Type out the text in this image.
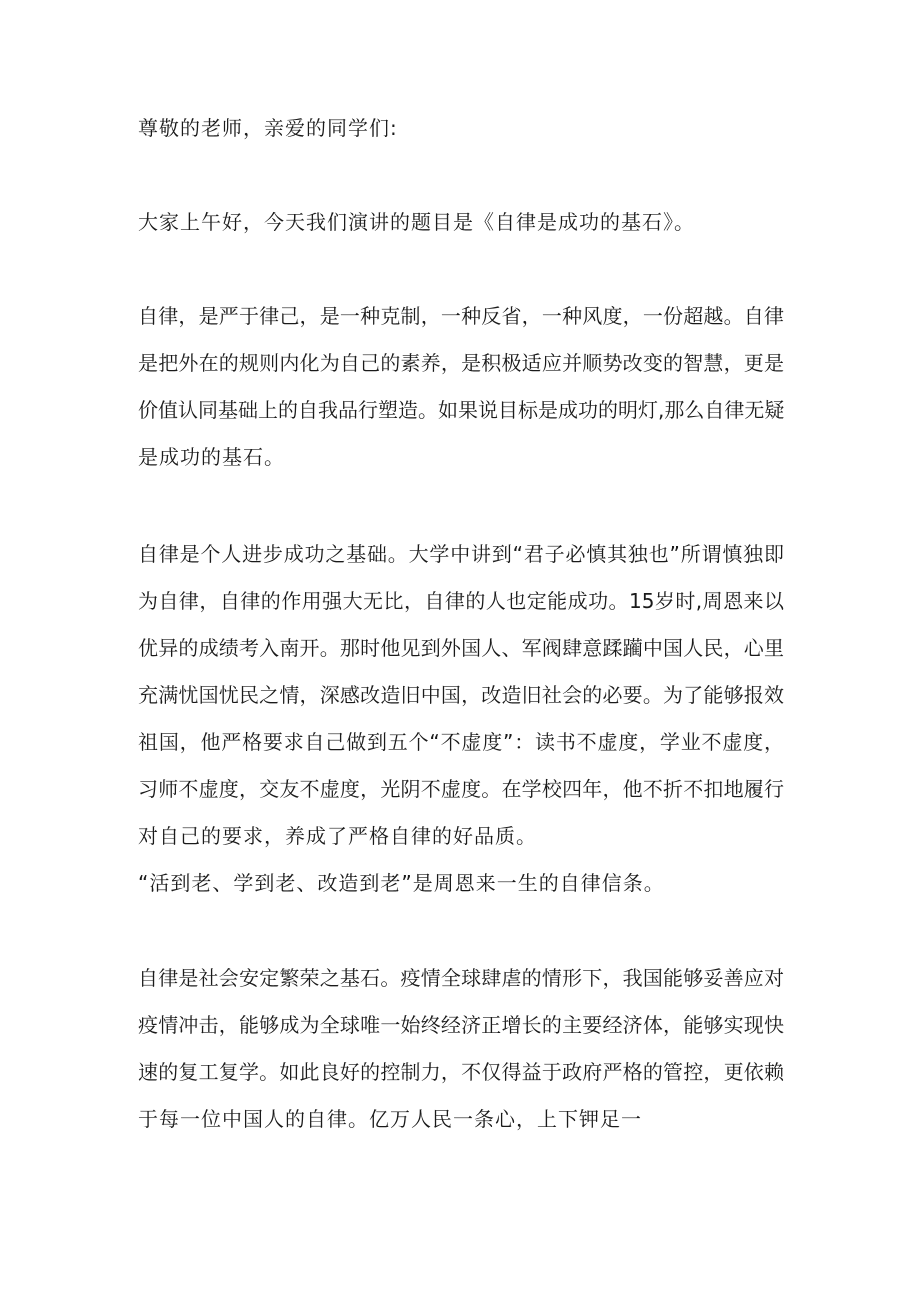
尊敬的老师，亲爱的同学们:

大家上午好，今天我们演讲的题目是《自律是成功的基石》。

自律，是严于律己，是一种克制，一种反省，一种风度，一份超越。自律

是把外在的规则内化为自己的素养，是积极适应并顺势改变的智慧，更是

价值认同基础上的自我品行塑造。如果说目标是成功的明灯,那么自律无疑

是成功的基石。

自律是个人进步成功之基础。大学中讲到“君子必慎其独也”所谓慎独即

为自律，自律的作用强大无比，自律的人也定能成功。15岁时,周恩来以

优异的成绩考入南开。那时他见到外国人、军阀肆意蹂躏中国人民，心里

充满忧国忧民之情，深感改造旧中国，改造旧社会的必要。为了能够报效

祖国，他严格要求自己做到五个“不虚度”：读书不虚度，学业不虚度，

习师不虚度，交友不虚度，光阴不虚度。在学校四年，他不折不扣地履行

对自己的要求，养成了严格自律的好品质。

“活到老、学到老、改造到老”是周恩来一生的自律信条。

自律是社会安定繁荣之基石。疫情全球肆虐的情形下，我国能够妥善应对

疫情冲击，能够成为全球唯一始终经济正增长的主要经济体，能够实现快

速的复工复学。如此良好的控制力，不仅得益于政府严格的管控，更依赖

于每一位中国人的自律。亿万人民一条心，上下钾足一
